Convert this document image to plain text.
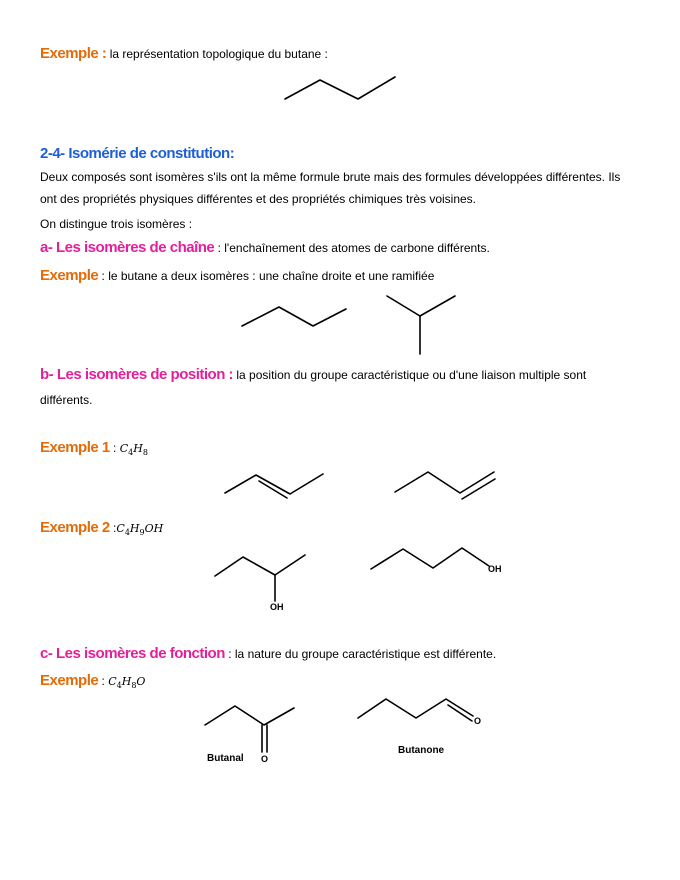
Exemple : la représentation topologique du butane :
2-4- Isomérie de constitution:
Deux composés sont isomères s'ils ont la même formule brute mais des formules développées différentes. Ils ont des propriétés physiques différentes et des propriétés chimiques très voisines.
On distingue trois isomères :
a- Les isomères de chaîne : l'enchaînement des atomes de carbone différents.
Exemple : le butane a deux isomères : une chaîne droite et une ramifiée
b- Les isomères de position : la position du groupe caractéristique ou d'une liaison multiple sont
différents.
Exemple 1 : $C_4H_8$
Exemple 2 $:C_4H_9OH$
OH
OH
c- Les isomères de fonction : la nature du groupe caractéristique est différente.
Exemple : $C_4H_8O$
O
O
Butanal
Butanone
